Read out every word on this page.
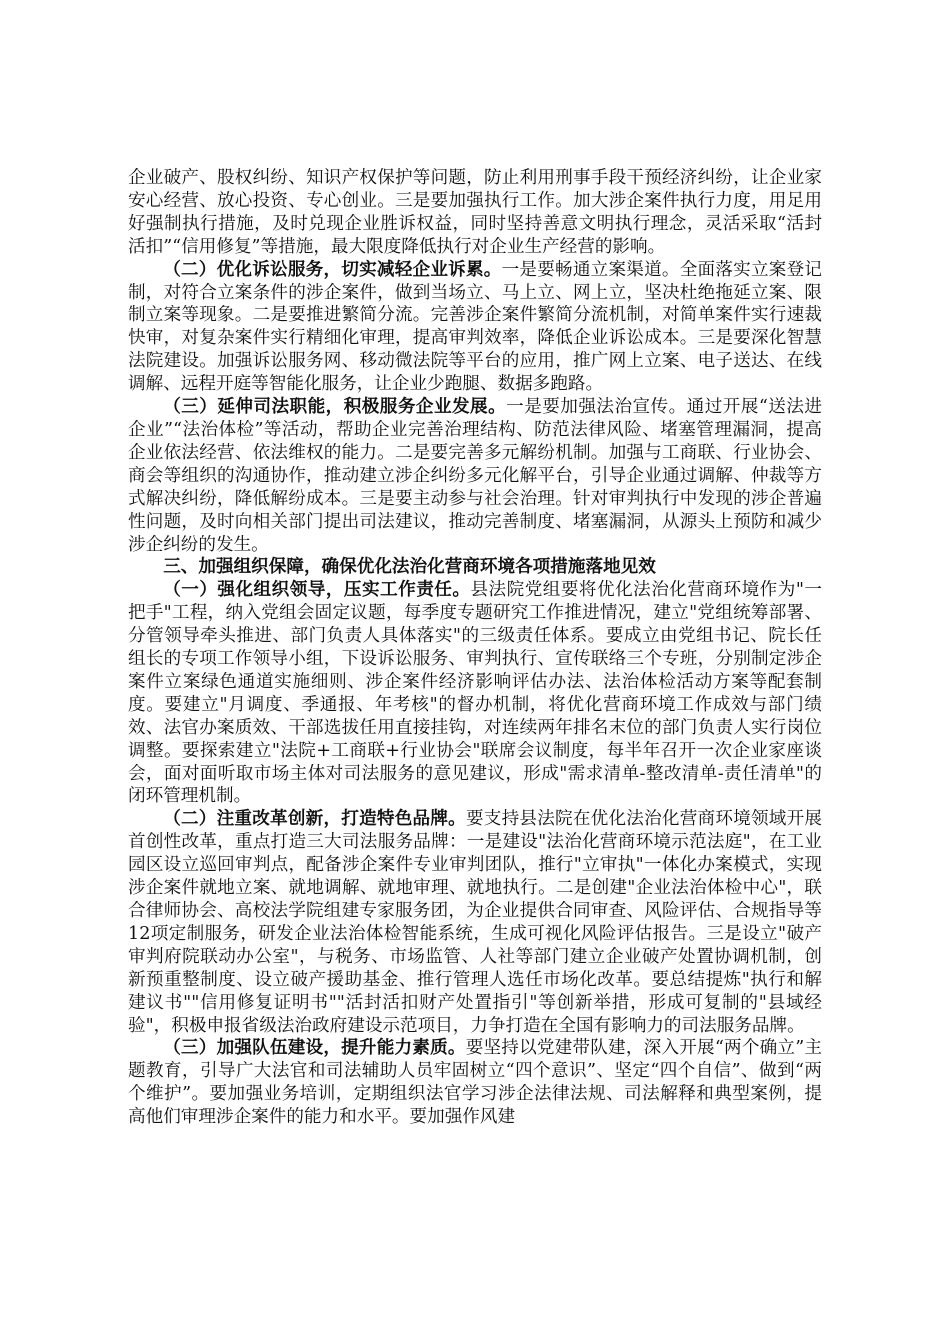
企业破产、股权纠纷、知识产权保护等问题，防止利用刑事手段干预经济纠纷，让企业家安心经营、放心投资、专心创业。三是要加强执行工作。加大涉企案件执行力度，用足用好强制执行措施，及时兑现企业胜诉权益，同时坚持善意文明执行理念，灵活采取“活封活扣”“信用修复”等措施，最大限度降低执行对企业生产经营的影响。

（二）优化诉讼服务，切实减轻企业诉累。一是要畅通立案渠道。全面落实立案登记制，对符合立案条件的涉企案件，做到当场立、马上立、网上立，坚决杜绝拖延立案、限制立案等现象。二是要推进繁简分流。完善涉企案件繁简分流机制，对简单案件实行速裁快审，对复杂案件实行精细化审理，提高审判效率，降低企业诉讼成本。三是要深化智慧法院建设。加强诉讼服务网、移动微法院等平台的应用，推广网上立案、电子送达、在线调解、远程开庭等智能化服务，让企业少跑腿、数据多跑路。

（三）延伸司法职能，积极服务企业发展。一是要加强法治宣传。通过开展“送法进企业”“法治体检”等活动，帮助企业完善治理结构、防范法律风险、堵塞管理漏洞，提高企业依法经营、依法维权的能力。二是要完善多元解纷机制。加强与工商联、行业协会、商会等组织的沟通协作，推动建立涉企纠纷多元化解平台，引导企业通过调解、仲裁等方式解决纠纷，降低解纷成本。三是要主动参与社会治理。针对审判执行中发现的涉企普遍性问题，及时向相关部门提出司法建议，推动完善制度、堵塞漏洞，从源头上预防和减少涉企纠纷的发生。

三、加强组织保障，确保优化法治化营商环境各项措施落地见效

（一）强化组织领导，压实工作责任。县法院党组要将优化法治化营商环境作为"一把手"工程，纳入党组会固定议题，每季度专题研究工作推进情况，建立"党组统筹部署、分管领导牵头推进、部门负责人具体落实"的三级责任体系。要成立由党组书记、院长任组长的专项工作领导小组，下设诉讼服务、审判执行、宣传联络三个专班，分别制定涉企案件立案绿色通道实施细则、涉企案件经济影响评估办法、法治体检活动方案等配套制度。要建立"月调度、季通报、年考核"的督办机制，将优化营商环境工作成效与部门绩效、法官办案质效、干部选拔任用直接挂钩，对连续两年排名末位的部门负责人实行岗位调整。要探索建立"法院+工商联+行业协会"联席会议制度，每半年召开一次企业家座谈会，面对面听取市场主体对司法服务的意见建议，形成"需求清单-整改清单-责任清单"的闭环管理机制。

（二）注重改革创新，打造特色品牌。要支持县法院在优化法治化营商环境领域开展首创性改革，重点打造三大司法服务品牌：一是建设"法治化营商环境示范法庭"，在工业园区设立巡回审判点，配备涉企案件专业审判团队，推行"立审执"一体化办案模式，实现涉企案件就地立案、就地调解、就地审理、就地执行。二是创建"企业法治体检中心"，联合律师协会、高校法学院组建专家服务团，为企业提供合同审查、风险评估、合规指导等12项定制服务，研发企业法治体检智能系统，生成可视化风险评估报告。三是设立"破产审判府院联动办公室"，与税务、市场监管、人社等部门建立企业破产处置协调机制，创新预重整制度、设立破产援助基金、推行管理人选任市场化改革。要总结提炼"执行和解建议书""信用修复证明书""活封活扣财产处置指引"等创新举措，形成可复制的"县域经验"，积极申报省级法治政府建设示范项目，力争打造在全国有影响力的司法服务品牌。

（三）加强队伍建设，提升能力素质。要坚持以党建带队建，深入开展“两个确立”主题教育，引导广大法官和司法辅助人员牢固树立“四个意识”、坚定“四个自信”、做到“两个维护”。要加强业务培训，定期组织法官学习涉企法律法规、司法解释和典型案例，提高他们审理涉企案件的能力和水平。要加强作风建
